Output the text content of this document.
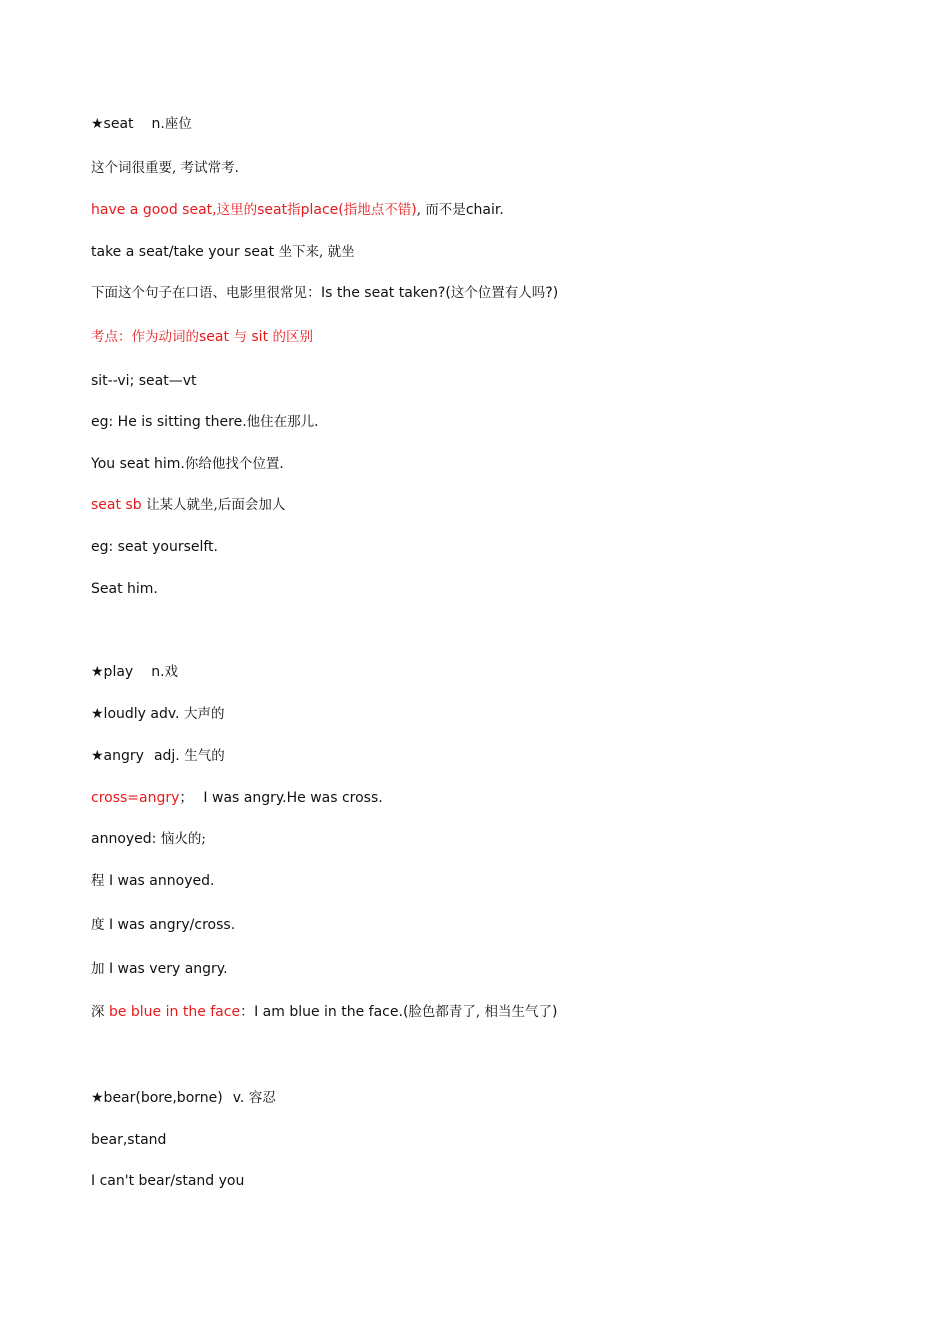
★seat n.座位
这个词很重要, 考试常考.
have a good seat,这里的seat指place(指地点不错), 而不是chair.
take a seat/take your seat 坐下来, 就坐
下面这个句子在口语、电影里很常见：Is the seat taken?(这个位置有人吗?)
考点：作为动词的seat 与 sit 的区别
sit--vi; seat—vt
eg: He is sitting there.他住在那儿.
You seat him.你给他找个位置.
seat sb 让某人就坐,后面会加人
eg: seat yourselft.
Seat him.
★play n.戏
★loudly adv. 大声的
★angry adj. 生气的
cross=angry； I was angry.He was cross.
annoyed: 恼火的;
程 I was annoyed.
度 I was angry/cross.
加 I was very angry.
深 be blue in the face：I am blue in the face.(脸色都青了, 相当生气了)
★bear(bore,borne) v. 容忍
bear,stand
I can't bear/stand you
